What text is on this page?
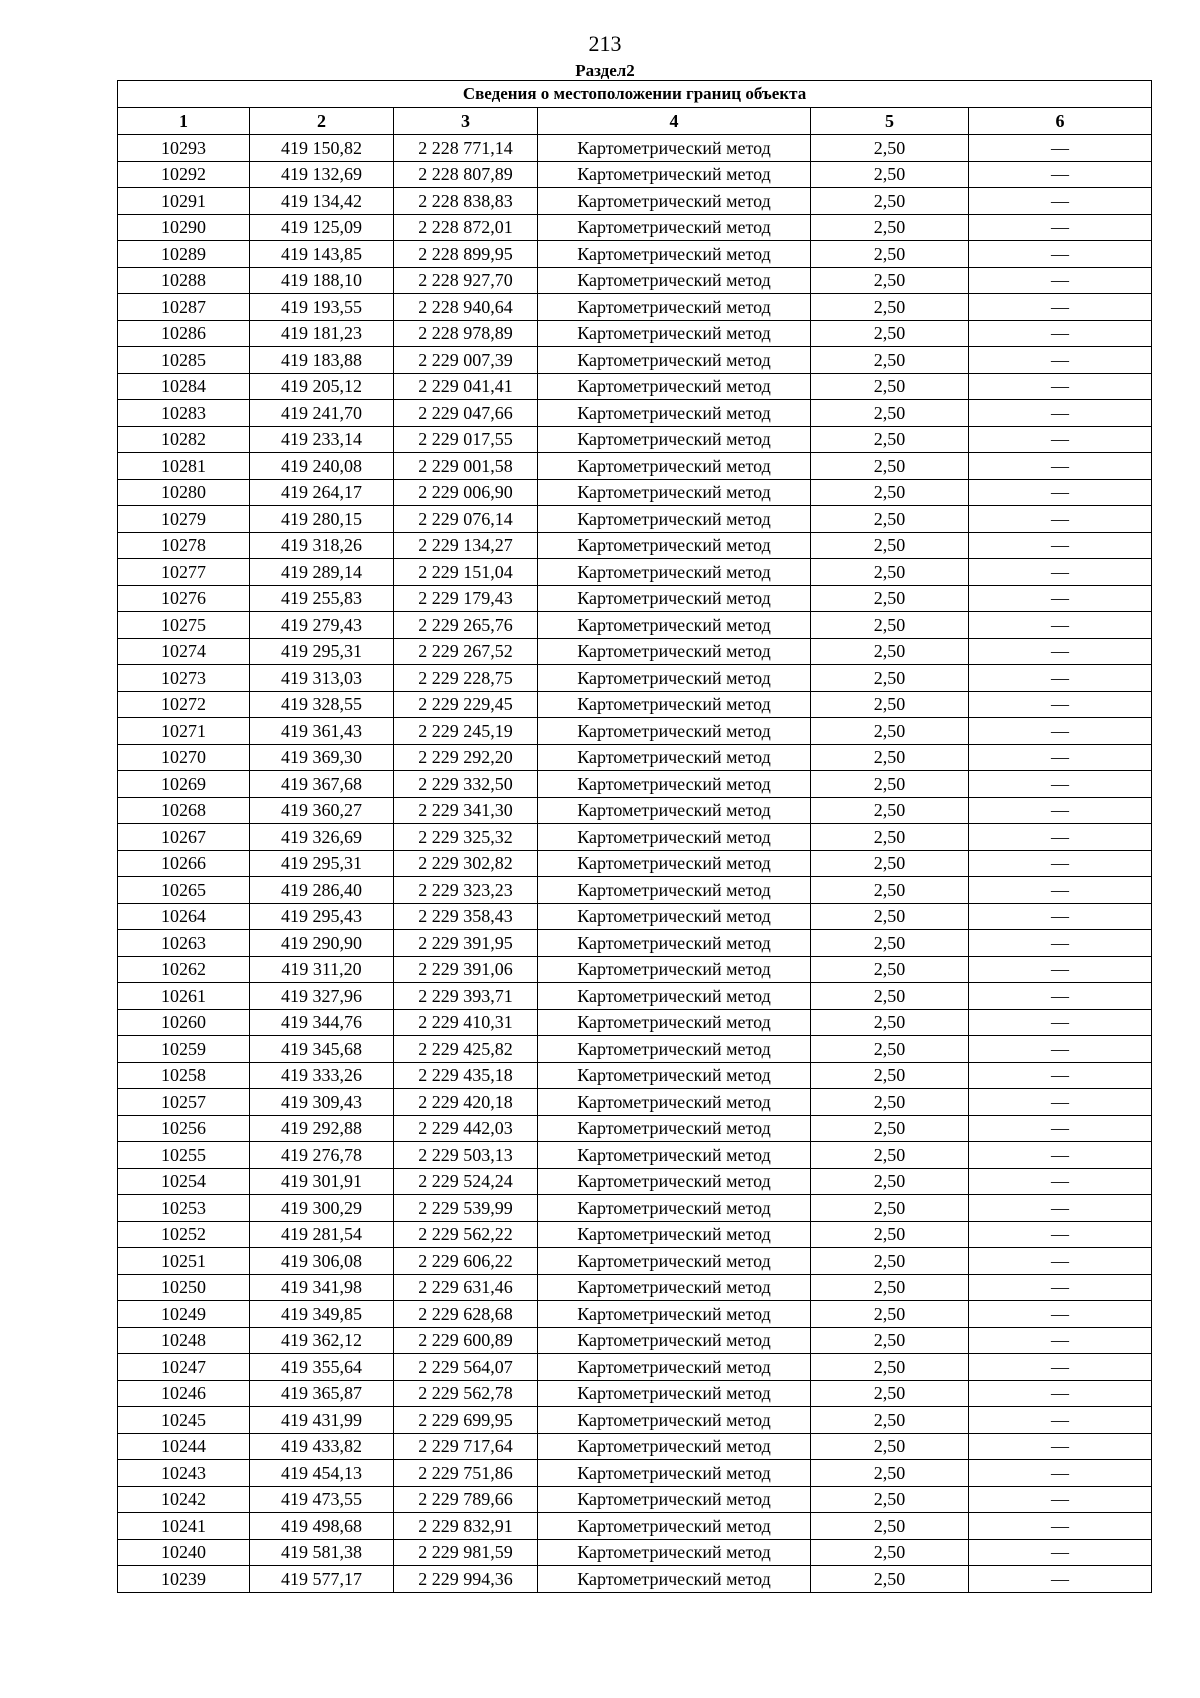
213
Раздел2
Сведения о местоположении границ объекта					
1	2	3	4	5	6
10293	419 150,82	2 228 771,14	Картометрический метод	2,50	—
10292	419 132,69	2 228 807,89	Картометрический метод	2,50	—
10291	419 134,42	2 228 838,83	Картометрический метод	2,50	—
10290	419 125,09	2 228 872,01	Картометрический метод	2,50	—
10289	419 143,85	2 228 899,95	Картометрический метод	2,50	—
10288	419 188,10	2 228 927,70	Картометрический метод	2,50	—
10287	419 193,55	2 228 940,64	Картометрический метод	2,50	—
10286	419 181,23	2 228 978,89	Картометрический метод	2,50	—
10285	419 183,88	2 229 007,39	Картометрический метод	2,50	—
10284	419 205,12	2 229 041,41	Картометрический метод	2,50	—
10283	419 241,70	2 229 047,66	Картометрический метод	2,50	—
10282	419 233,14	2 229 017,55	Картометрический метод	2,50	—
10281	419 240,08	2 229 001,58	Картометрический метод	2,50	—
10280	419 264,17	2 229 006,90	Картометрический метод	2,50	—
10279	419 280,15	2 229 076,14	Картометрический метод	2,50	—
10278	419 318,26	2 229 134,27	Картометрический метод	2,50	—
10277	419 289,14	2 229 151,04	Картометрический метод	2,50	—
10276	419 255,83	2 229 179,43	Картометрический метод	2,50	—
10275	419 279,43	2 229 265,76	Картометрический метод	2,50	—
10274	419 295,31	2 229 267,52	Картометрический метод	2,50	—
10273	419 313,03	2 229 228,75	Картометрический метод	2,50	—
10272	419 328,55	2 229 229,45	Картометрический метод	2,50	—
10271	419 361,43	2 229 245,19	Картометрический метод	2,50	—
10270	419 369,30	2 229 292,20	Картометрический метод	2,50	—
10269	419 367,68	2 229 332,50	Картометрический метод	2,50	—
10268	419 360,27	2 229 341,30	Картометрический метод	2,50	—
10267	419 326,69	2 229 325,32	Картометрический метод	2,50	—
10266	419 295,31	2 229 302,82	Картометрический метод	2,50	—
10265	419 286,40	2 229 323,23	Картометрический метод	2,50	—
10264	419 295,43	2 229 358,43	Картометрический метод	2,50	—
10263	419 290,90	2 229 391,95	Картометрический метод	2,50	—
10262	419 311,20	2 229 391,06	Картометрический метод	2,50	—
10261	419 327,96	2 229 393,71	Картометрический метод	2,50	—
10260	419 344,76	2 229 410,31	Картометрический метод	2,50	—
10259	419 345,68	2 229 425,82	Картометрический метод	2,50	—
10258	419 333,26	2 229 435,18	Картометрический метод	2,50	—
10257	419 309,43	2 229 420,18	Картометрический метод	2,50	—
10256	419 292,88	2 229 442,03	Картометрический метод	2,50	—
10255	419 276,78	2 229 503,13	Картометрический метод	2,50	—
10254	419 301,91	2 229 524,24	Картометрический метод	2,50	—
10253	419 300,29	2 229 539,99	Картометрический метод	2,50	—
10252	419 281,54	2 229 562,22	Картометрический метод	2,50	—
10251	419 306,08	2 229 606,22	Картометрический метод	2,50	—
10250	419 341,98	2 229 631,46	Картометрический метод	2,50	—
10249	419 349,85	2 229 628,68	Картометрический метод	2,50	—
10248	419 362,12	2 229 600,89	Картометрический метод	2,50	—
10247	419 355,64	2 229 564,07	Картометрический метод	2,50	—
10246	419 365,87	2 229 562,78	Картометрический метод	2,50	—
10245	419 431,99	2 229 699,95	Картометрический метод	2,50	—
10244	419 433,82	2 229 717,64	Картометрический метод	2,50	—
10243	419 454,13	2 229 751,86	Картометрический метод	2,50	—
10242	419 473,55	2 229 789,66	Картометрический метод	2,50	—
10241	419 498,68	2 229 832,91	Картометрический метод	2,50	—
10240	419 581,38	2 229 981,59	Картометрический метод	2,50	—
10239	419 577,17	2 229 994,36	Картометрический метод	2,50	—
